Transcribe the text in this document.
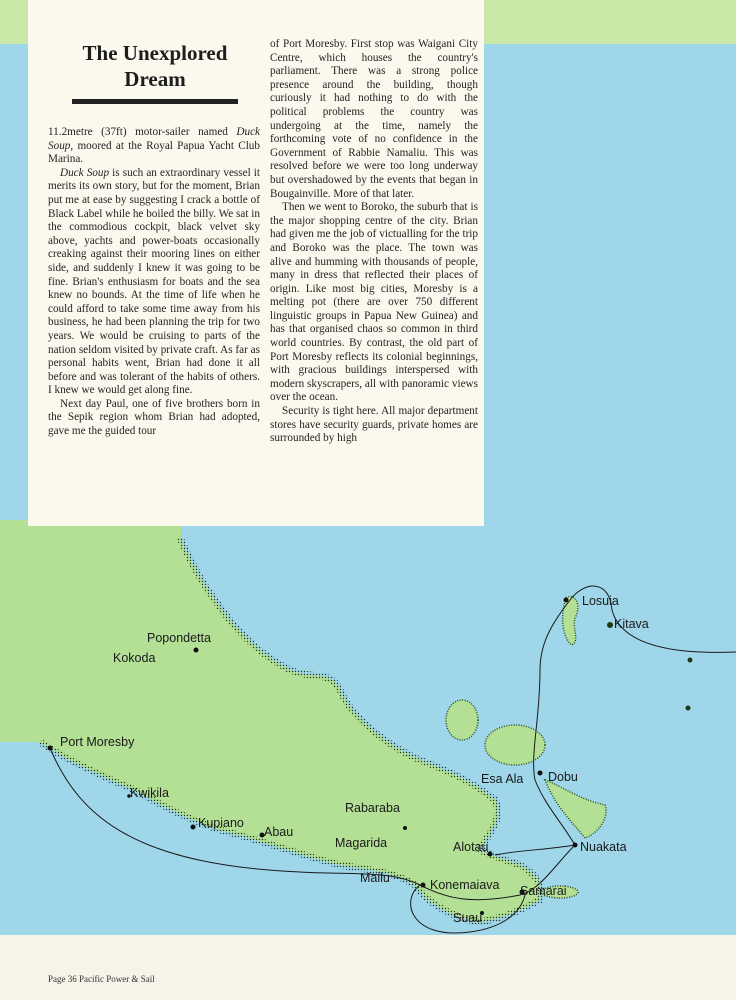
Losuia
Kitava
Popondetta
Kokoda
Port Moresby
Esa Ala Dobu
Kwikila
Rabaraba
Kupiano
Abau
Magarida	Alotau	Nuakata
Mailu	Konemaiava Samarai
Suau
The Unexplored
Dream

11.2metre (37ft) motor-sailer named Duck Soup, moored at the Royal Papua Yacht Club Marina.

Duck Soup is such an extraordinary vessel it merits its own story, but for the moment, Brian put me at ease by suggesting I crack a bottle of Black Label while he boiled the billy. We sat in the commodious cockpit, black velvet sky above, yachts and power-boats occasionally creaking against their mooring lines on either side, and suddenly I knew it was going to be fine. Brian's enthusiasm for boats and the sea knew no bounds. At the time of life when he could afford to take some time away from his business, he had been planning the trip for two years. We would be cruising to parts of the nation seldom visited by private craft. As far as personal habits went, Brian had done it all before and was tolerant of the habits of others. I knew we would get along fine.

Next day Paul, one of five brothers born in the Sepik region whom Brian had adopted, gave me the guided tour

of Port Moresby. First stop was Waigani City Centre, which houses the country's parliament. There was a strong police presence around the building, though curiously it had nothing to do with the political problems the country was undergoing at the time, namely the forthcoming vote of no confidence in the Government of Rabbie Namaliu. This was resolved before we were too long underway but overshadowed by the events that began in Bougainville. More of that later.

Then we went to Boroko, the suburb that is the major shopping centre of the city. Brian had given me the job of victualling for the trip and Boroko was the place. The town was alive and humming with thousands of people, many in dress that reflected their places of origin. Like most big cities, Moresby is a melting pot (there are over 750 different linguistic groups in Papua New Guinea) and has that organised chaos so common in third world countries. By contrast, the old part of Port Moresby reflects its colonial beginnings, with gracious buildings interspersed with modern skyscrapers, all with panoramic views over the ocean.

Security is tight here. All major department stores have security guards, private homes are surrounded by high

Page 36 Pacific Power & Sail
